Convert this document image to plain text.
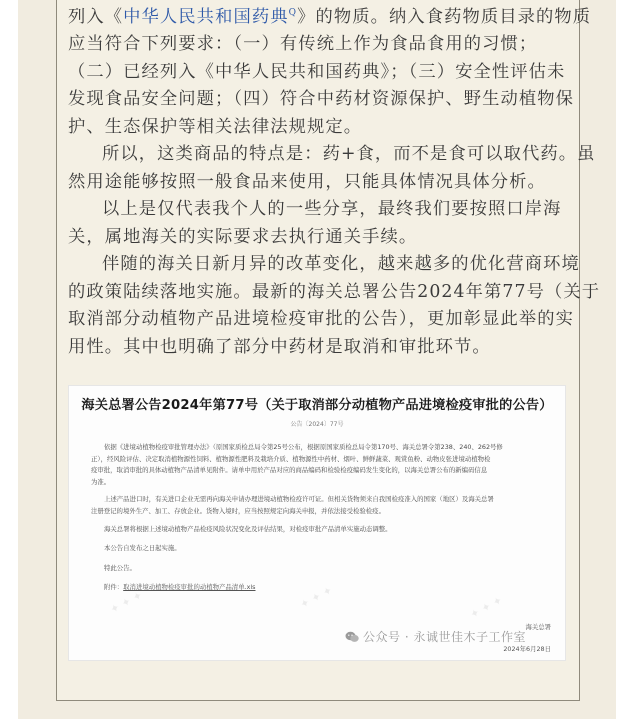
列入《中华人民共和国药典$^Q$》的物质。纳入食药物质目录的物质
应当符合下列要求：（一）有传统上作为食品食用的习惯；
（二）已经列入《中华人民共和国药典》；（三）安全性评估未
发现食品安全问题；（四）符合中药材资源保护、野生动植物保
护、生态保护等相关法律法规规定。

所以，这类商品的特点是：药+食，而不是食可以取代药。虽
然用途能够按照一般食品来使用，只能具体情况具体分析。

以上是仅代表我个人的一些分享，最终我们要按照口岸海
关，属地海关的实际要求去执行通关手续。

伴随的海关日新月异的改革变化，越来越多的优化营商环境
的政策陆续落地实施。最新的海关总署公告2024年第77号（关于
取消部分动植物产品进境检疫审批的公告），更加彰显此举的实
用性。其中也明确了部分中药材是取消和审批环节。

✦ ✦ ✦	✦ ✦ ✦	✦ ✦ ✦
海关总署公告2024年第77号（关于取消部分动植物产品进境检疫审批的公告）
公告〔2024〕77号

依据《进境动植物检疫审批管理办法》（原国家质检总局令第25号公布，根据原国家质检总局令第170号、海关总署令第238、240、262号修
正），经风险评估、决定取消植物源性饲料、植物源性肥料及栽培介质、植物源性中药材、烟叶、鲜鲜蔬菜、观赏鱼粉、动物皮张进境动植物检
疫审批，取消审批的具体动植物产品清单见附件。请单中用於产品对应的商品编码和检验检疫编码发生变化的，以海关总署公布的新编码信息
为准。

上述产品进口时，有关进口企业无需再向海关申请办理进境动植物检疫许可证。但相关货物须来自我国检疫准入的国家（地区）及海关总署
注册登记的境外生产、加工、存放企业。货物入境时，应当按照规定向海关申报，并依法接受检验检疫。

海关总署将根据上述境动植物产品检疫风险状况变化及评估结果，对检疫审批产品清单实施动态调整。

本公告自发布之日起实施。

特此公告。

附件：取消进境动植物检疫审批的动植物产品清单.xls

海关总署
2024年6月28日
公众号 · 永诚世佳木子工作室
